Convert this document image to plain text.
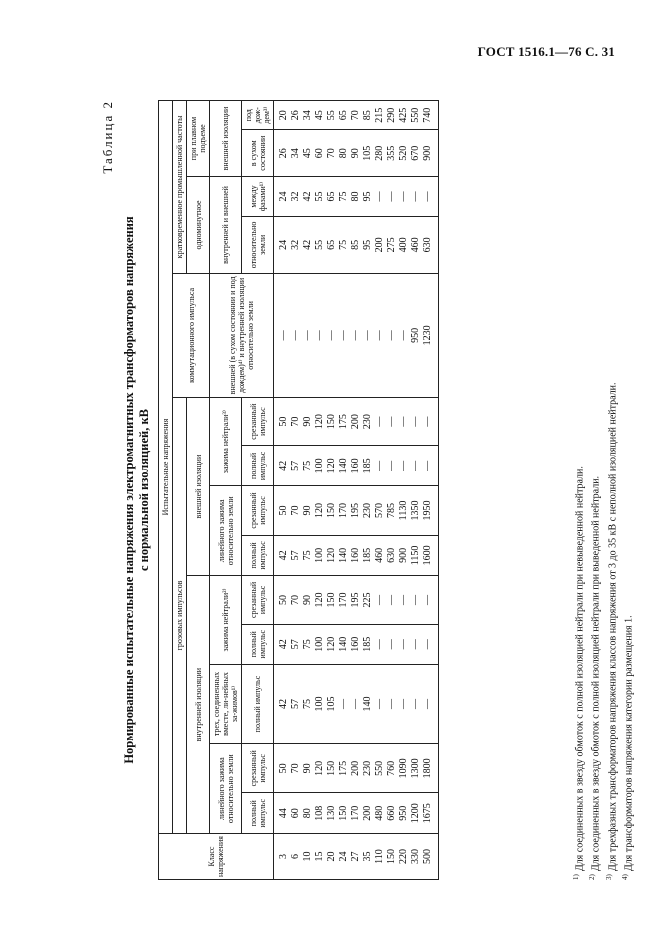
ГОСТ 1516.1—76 С. 31
Таблица 2
Нормированные испытательные напряжения электромагнитных трансформаторов напряжения с нормальной изоляцией, кВ
Класс напряжения	Испытательные напряжения													
	грозовых импульсов									коммутационного импульса	кратковременное промышленной частоты			
	внутренней изоляции					внешней изоляции					одноминутное		при плавном подъеме	
	линейного зажима относительно земли		трех, соединенных вместе, ли-нейных за-жимов¹⁾	зажима нейтрали²⁾		линейного зажима относительно земли		зажима нейтрали³⁾		внешней (в сухом состоянии и под дождем)⁴⁾ и внутренней изоляции относительно земли	внутренней и внешней		внешней изоляции	
	полный импульс	срезанный импульс	полный импульс	полный импульс	срезанный импульс	полный импульс	срезанный импульс	полный импульс	срезанный импульс		относительно земли	между фазами¹⁾	в сухом состоянии	под дож-дем³⁾
3	44	50	42	42	50	42	50	42	50	—	24	24	26	20
6	60	70	57	57	70	57	70	57	70	—	32	32	34	26
10	80	90	75	75	90	75	90	75	90	—	42	42	45	34
15	108	120	100	100	120	100	120	100	120	—	55	55	60	45
20	130	150	105	120	150	120	150	120	150	—	65	65	70	55
24	150	175	—	140	170	140	170	140	175	—	75	75	80	65
27	170	200	—	160	195	160	195	160	200	—	85	80	90	70
35	200	230	140	185	225	185	230	185	230	—	95	95	105	85
110	480	550	—	—	—	460	570	—	—	—	200	—	280	215
150	660	760	—	—	—	630	785	—	—	—	275	—	355	290
220	950	1090	—	—	—	900	1130	—	—	—	400	—	520	425
330	1200	1300	—	—	—	1150	1350	—	—	950	460	—	670	550
500	1675	1800	—	—	—	1600	1950	—	—	1230	630	—	900	740
$^{1)}$Для соединенных в звезду обмоток с полной изоляцией нейтрали при невыведенной нейтрали.
$^{2)}$Для соединенных в звезду обмоток с полной изоляцией нейтрали при выведенной нейтрали.
$^{3)}$Для трехфазных трансформаторов напряжения классов напряжения от 3 до 35 кВ с неполной изоляцией нейтрали.
$^{4)}$Для трансформаторов напряжения категории размещения 1.
